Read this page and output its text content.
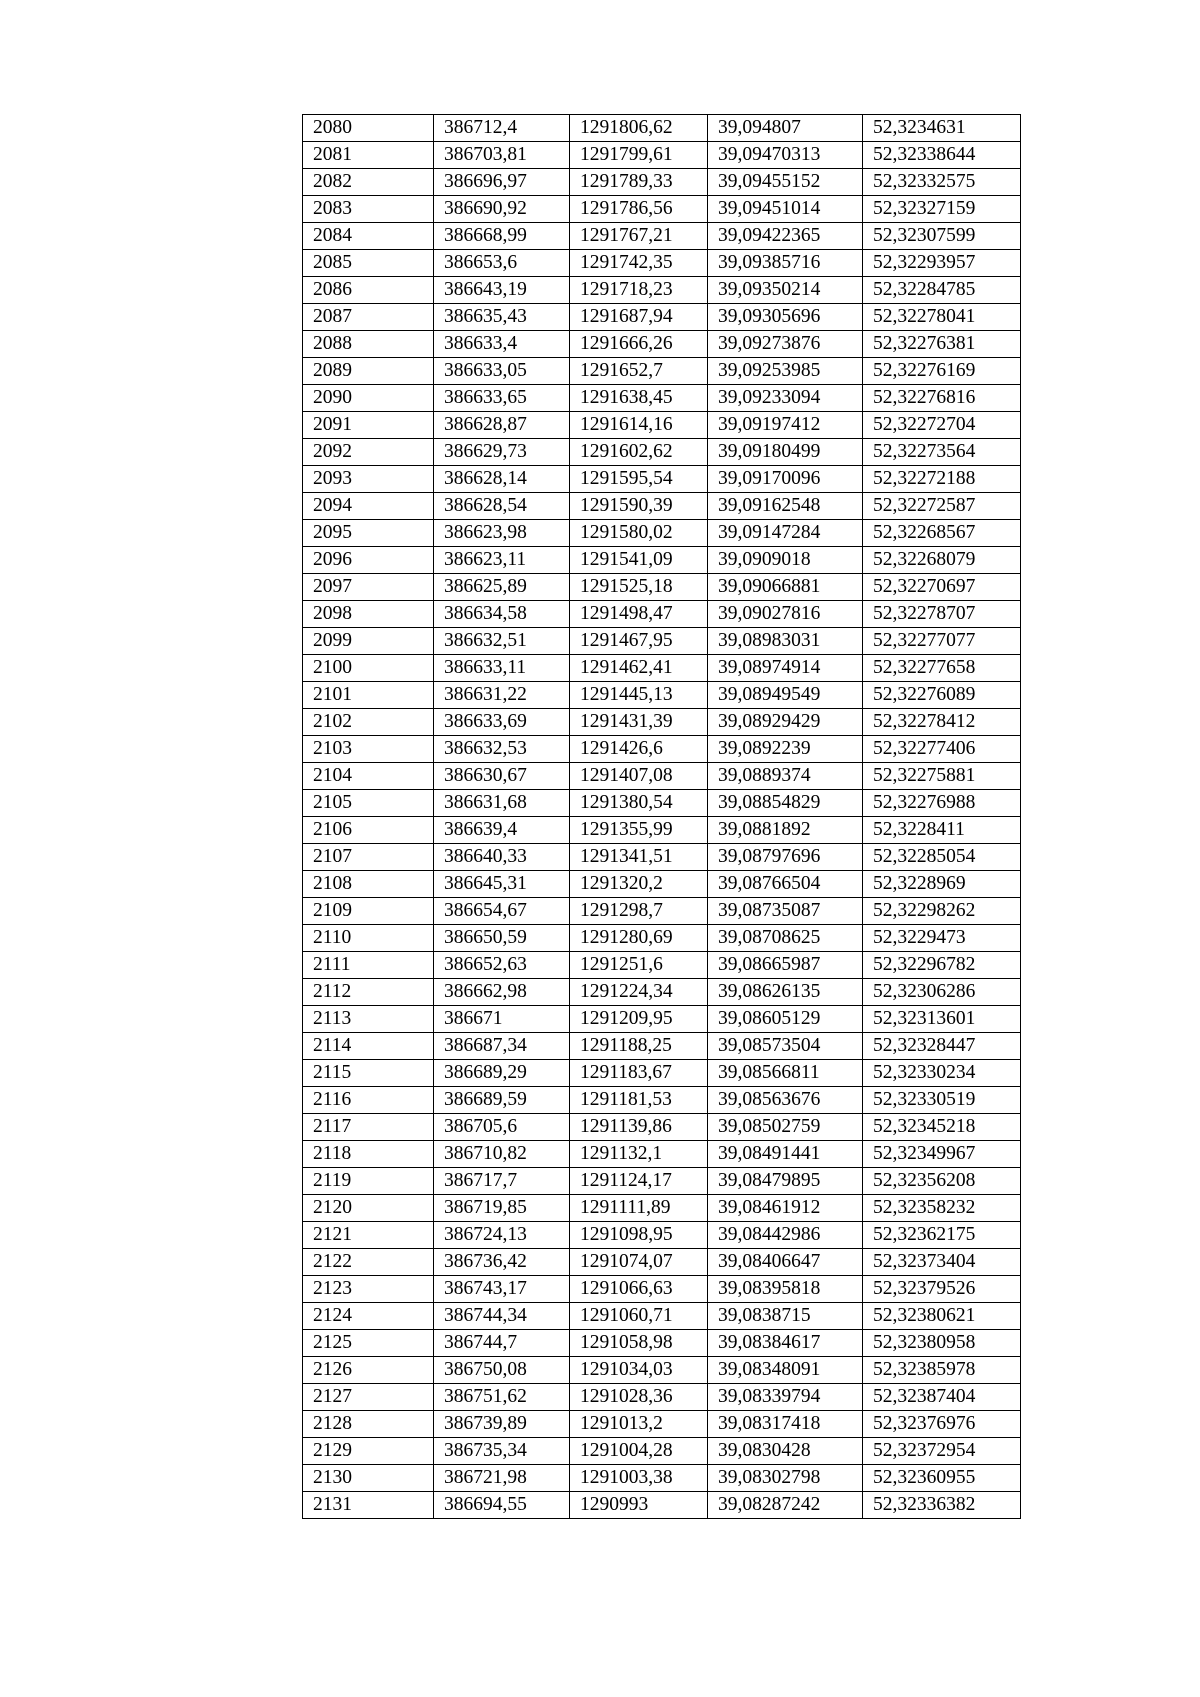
2080	386712,4	1291806,62	39,094807	52,3234631
2081	386703,81	1291799,61	39,09470313	52,32338644
2082	386696,97	1291789,33	39,09455152	52,32332575
2083	386690,92	1291786,56	39,09451014	52,32327159
2084	386668,99	1291767,21	39,09422365	52,32307599
2085	386653,6	1291742,35	39,09385716	52,32293957
2086	386643,19	1291718,23	39,09350214	52,32284785
2087	386635,43	1291687,94	39,09305696	52,32278041
2088	386633,4	1291666,26	39,09273876	52,32276381
2089	386633,05	1291652,7	39,09253985	52,32276169
2090	386633,65	1291638,45	39,09233094	52,32276816
2091	386628,87	1291614,16	39,09197412	52,32272704
2092	386629,73	1291602,62	39,09180499	52,32273564
2093	386628,14	1291595,54	39,09170096	52,32272188
2094	386628,54	1291590,39	39,09162548	52,32272587
2095	386623,98	1291580,02	39,09147284	52,32268567
2096	386623,11	1291541,09	39,0909018	52,32268079
2097	386625,89	1291525,18	39,09066881	52,32270697
2098	386634,58	1291498,47	39,09027816	52,32278707
2099	386632,51	1291467,95	39,08983031	52,32277077
2100	386633,11	1291462,41	39,08974914	52,32277658
2101	386631,22	1291445,13	39,08949549	52,32276089
2102	386633,69	1291431,39	39,08929429	52,32278412
2103	386632,53	1291426,6	39,0892239	52,32277406
2104	386630,67	1291407,08	39,0889374	52,32275881
2105	386631,68	1291380,54	39,08854829	52,32276988
2106	386639,4	1291355,99	39,0881892	52,3228411
2107	386640,33	1291341,51	39,08797696	52,32285054
2108	386645,31	1291320,2	39,08766504	52,3228969
2109	386654,67	1291298,7	39,08735087	52,32298262
2110	386650,59	1291280,69	39,08708625	52,3229473
2111	386652,63	1291251,6	39,08665987	52,32296782
2112	386662,98	1291224,34	39,08626135	52,32306286
2113	386671	1291209,95	39,08605129	52,32313601
2114	386687,34	1291188,25	39,08573504	52,32328447
2115	386689,29	1291183,67	39,08566811	52,32330234
2116	386689,59	1291181,53	39,08563676	52,32330519
2117	386705,6	1291139,86	39,08502759	52,32345218
2118	386710,82	1291132,1	39,08491441	52,32349967
2119	386717,7	1291124,17	39,08479895	52,32356208
2120	386719,85	1291111,89	39,08461912	52,32358232
2121	386724,13	1291098,95	39,08442986	52,32362175
2122	386736,42	1291074,07	39,08406647	52,32373404
2123	386743,17	1291066,63	39,08395818	52,32379526
2124	386744,34	1291060,71	39,0838715	52,32380621
2125	386744,7	1291058,98	39,08384617	52,32380958
2126	386750,08	1291034,03	39,08348091	52,32385978
2127	386751,62	1291028,36	39,08339794	52,32387404
2128	386739,89	1291013,2	39,08317418	52,32376976
2129	386735,34	1291004,28	39,0830428	52,32372954
2130	386721,98	1291003,38	39,08302798	52,32360955
2131	386694,55	1290993	39,08287242	52,32336382
